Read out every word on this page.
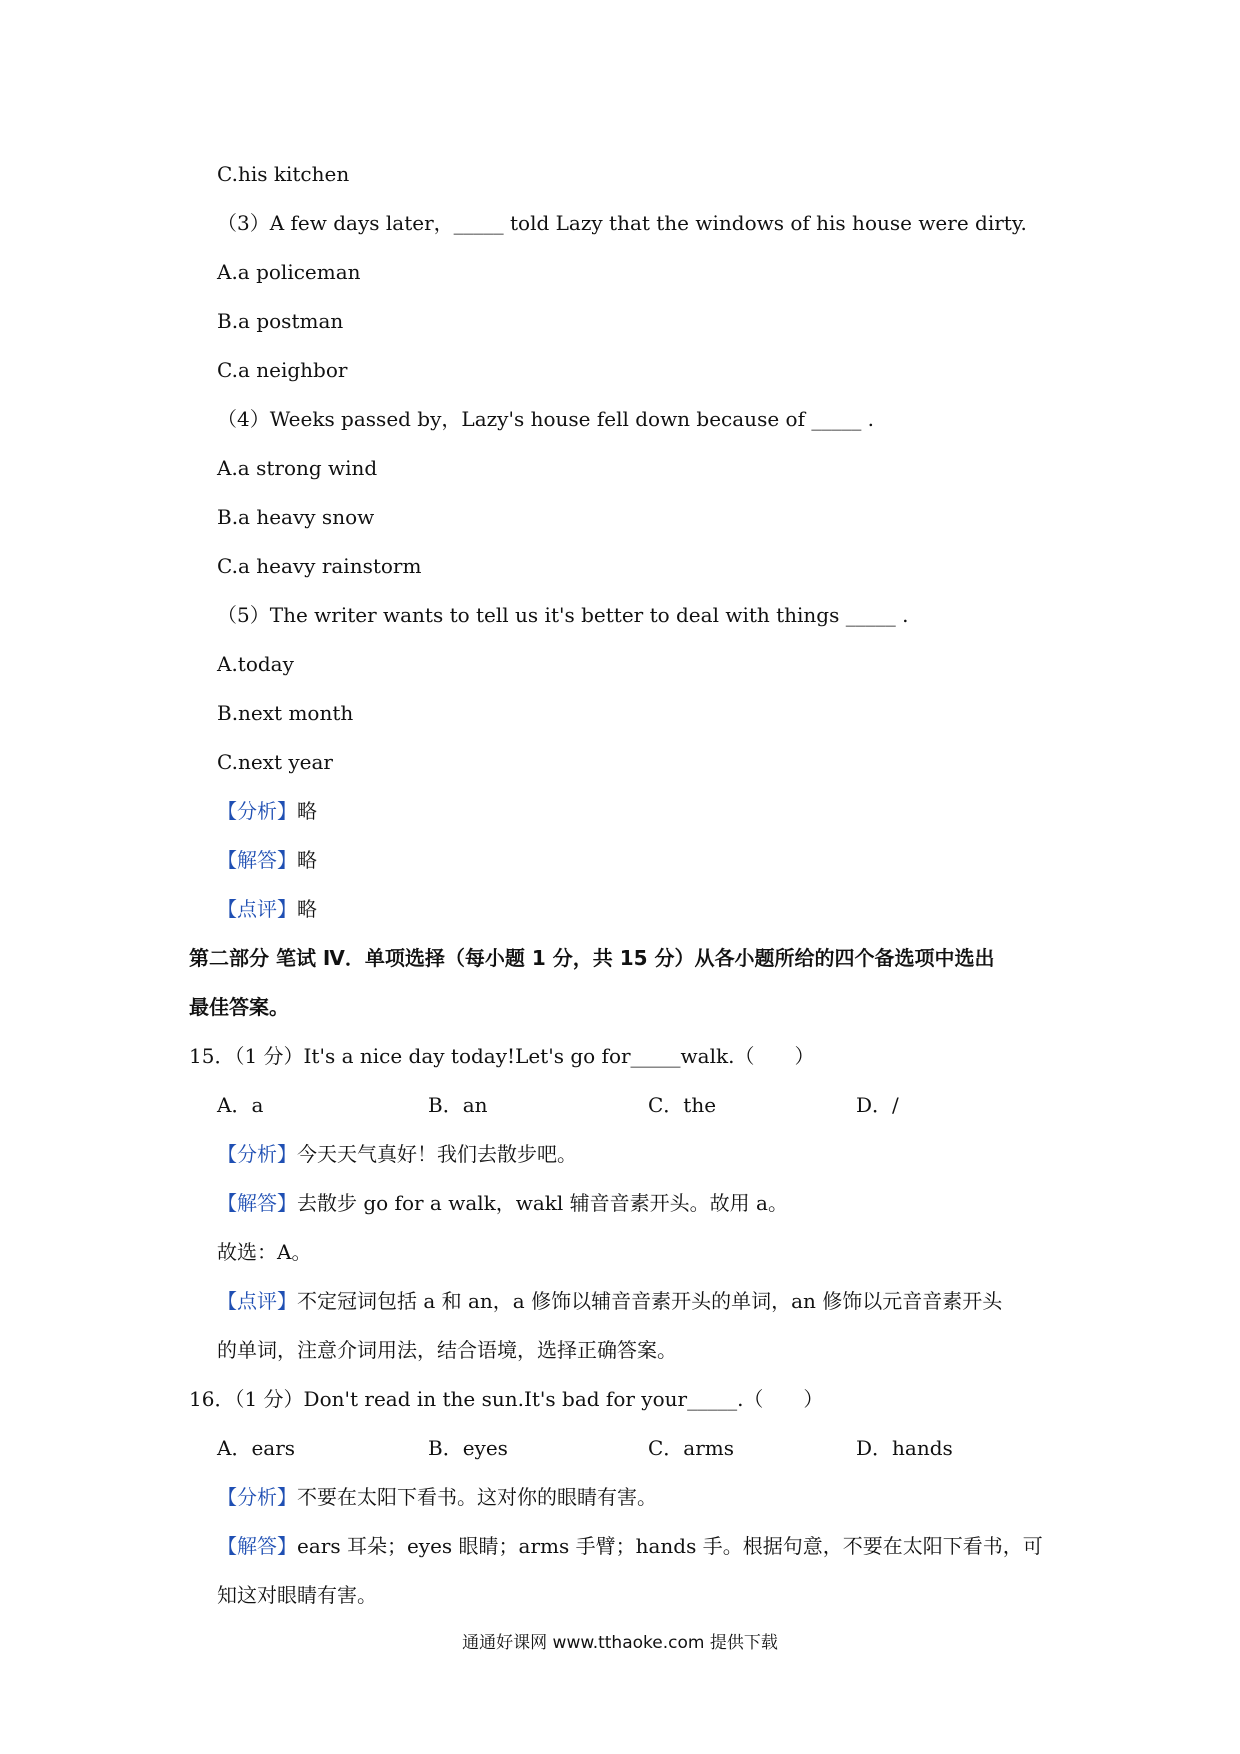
C.his kitchen
（3）A few days later，_____ told Lazy that the windows of his house were dirty.
A.a policeman
B.a postman
C.a neighbor
（4）Weeks passed by，Lazy's house fell down because of _____ .
A.a strong wind
B.a heavy snow
C.a heavy rainstorm
（5）The writer wants to tell us it's better to deal with things _____ .
A.today
B.next month
C.next year
【分析】略
【解答】略
【点评】略
第二部分 笔试 Ⅳ．单项选择（每小题 1 分，共 15 分）从各小题所给的四个备选项中选出
最佳答案。
15．（1 分）It's a nice day today!Let's go for_____walk.（　　）
A．a	B．an	C．the	D．/
【分析】今天天气真好！我们去散步吧。
【解答】去散步 go for a walk，wakl 辅音音素开头。故用 a。
故选：A。
【点评】不定冠词包括 a 和 an，a 修饰以辅音音素开头的单词，an 修饰以元音音素开头
的单词，注意介词用法，结合语境，选择正确答案。
16．（1 分）Don't read in the sun.It's bad for your_____.（　　）
A．ears	B．eyes	C．arms	D．hands
【分析】不要在太阳下看书。这对你的眼睛有害。
【解答】ears 耳朵；eyes 眼睛；arms 手臂；hands 手。根据句意，不要在太阳下看书，可
知这对眼睛有害。
通通好课网 www.tthaoke.com 提供下载
